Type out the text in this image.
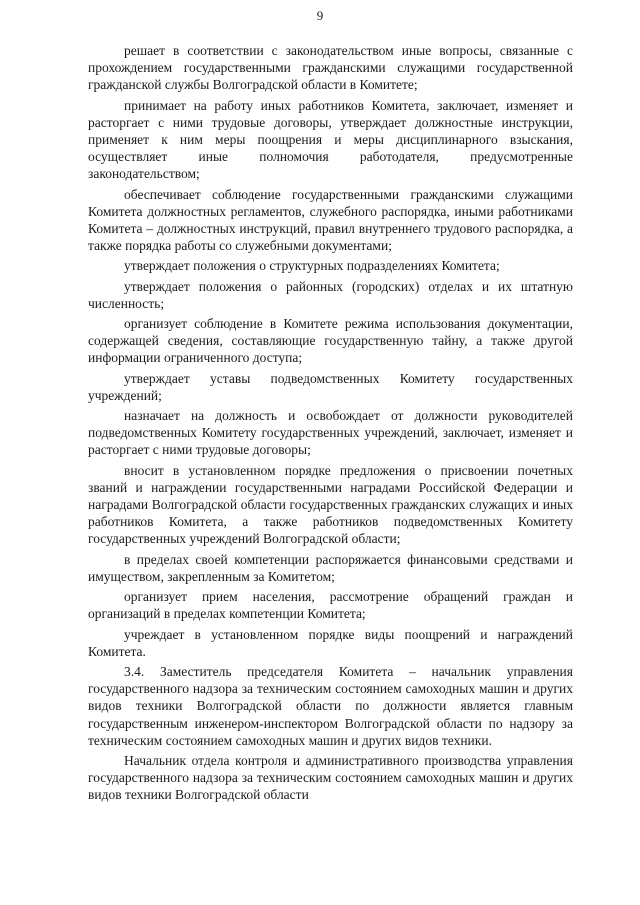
9

решает в соответствии с законодательством иные вопросы, связанные с прохождением государственными гражданскими служащими государственной гражданской службы Волгоградской области в Комитете;

принимает на работу иных работников Комитета, заключает, изменяет и расторгает с ними трудовые договоры, утверждает должностные инструкции, применяет к ним меры поощрения и меры дисциплинарного взыскания, осуществляет иные полномочия работодателя, предусмотренные законодательством;

обеспечивает соблюдение государственными гражданскими служащими Комитета должностных регламентов, служебного распорядка, иными работниками Комитета – должностных инструкций, правил внутреннего трудового распорядка, а также порядка работы со служебными документами;

утверждает положения о структурных подразделениях Комитета;

утверждает положения о районных (городских) отделах и их штатную численность;

организует соблюдение в Комитете режима использования документации, содержащей сведения, составляющие государственную тайну, а также другой информации ограниченного доступа;

утверждает уставы подведомственных Комитету государственных учреждений;

назначает на должность и освобождает от должности руководителей подведомственных Комитету государственных учреждений, заключает, изменяет и расторгает с ними трудовые договоры;

вносит в установленном порядке предложения о присвоении почетных званий и награждении государственными наградами Российской Федерации и наградами Волгоградской области государственных гражданских служащих и иных работников Комитета, а также работников подведомственных Комитету государственных учреждений Волгоградской области;

в пределах своей компетенции распоряжается финансовыми средствами и имуществом, закрепленным за Комитетом;

организует прием населения, рассмотрение обращений граждан и организаций в пределах компетенции Комитета;

учреждает в установленном порядке виды поощрений и награждений Комитета.

3.4. Заместитель председателя Комитета – начальник управления государственного надзора за техническим состоянием самоходных машин и других видов техники Волгоградской области по должности является главным государственным инженером-инспектором Волгоградской области по надзору за техническим состоянием самоходных машин и других видов техники.

Начальник отдела контроля и административного производства управления государственного надзора за техническим состоянием самоходных машин и других видов техники Волгоградской области
